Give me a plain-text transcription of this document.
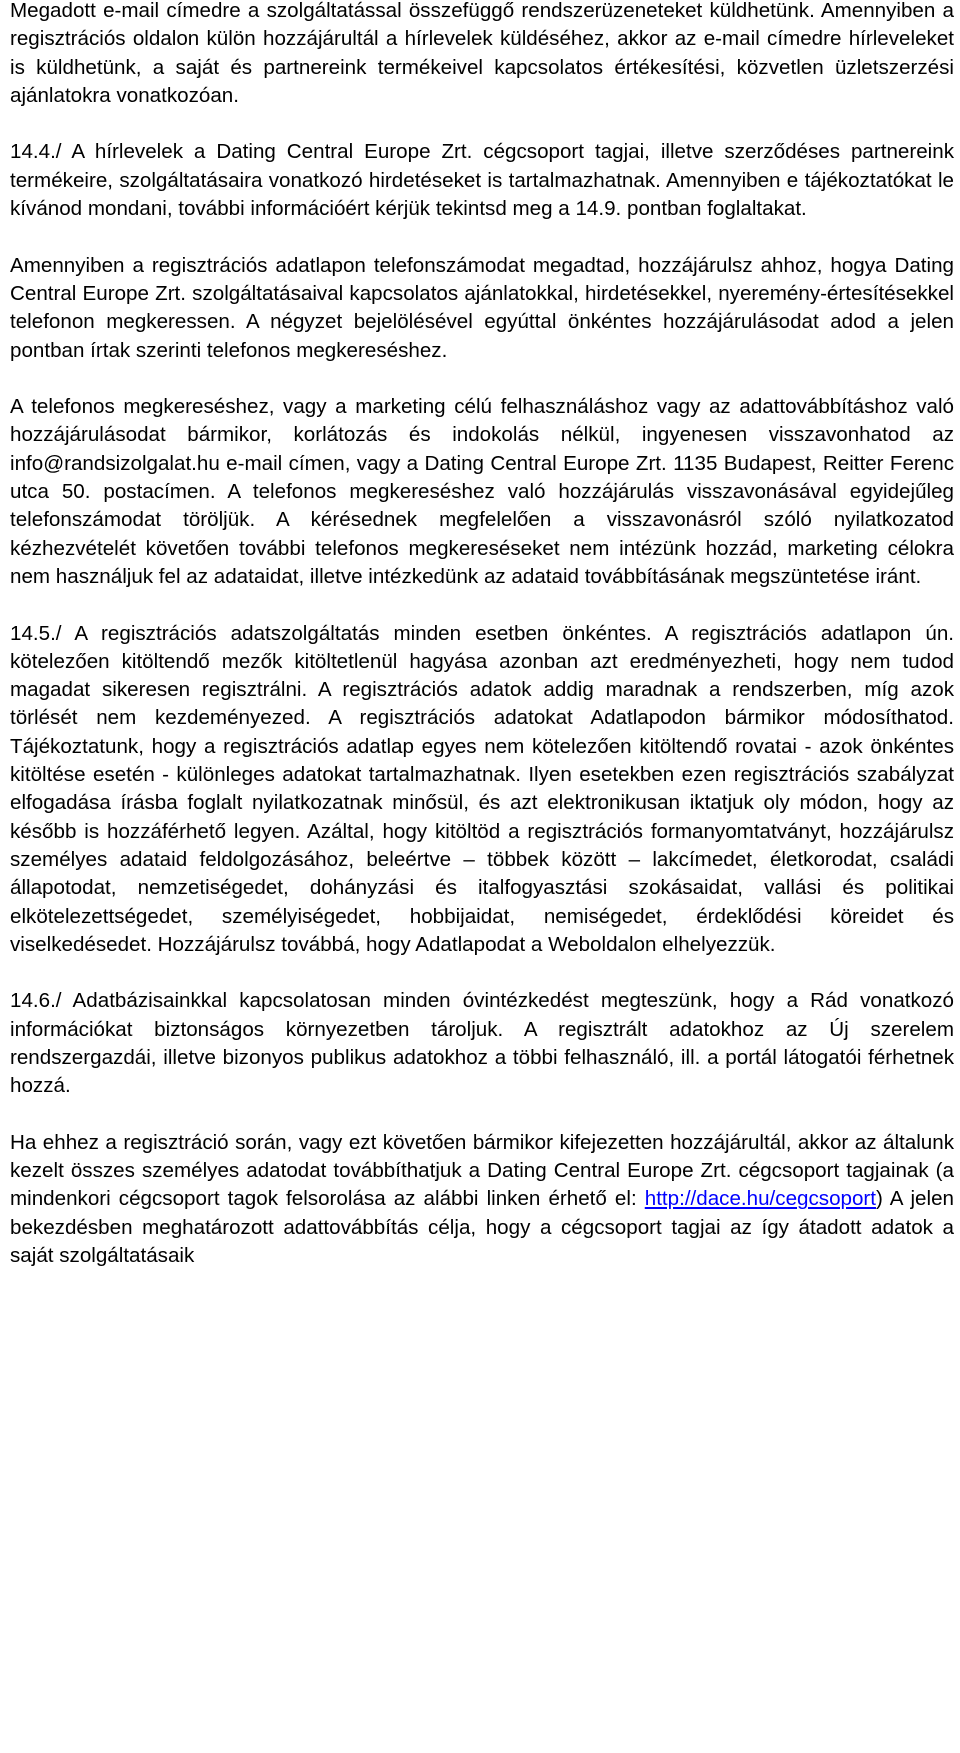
Megadott e-mail címedre a szolgáltatással összefüggő rendszerüzeneteket küldhetünk. Amennyiben a regisztrációs oldalon külön hozzájárultál a hírlevelek küldéséhez, akkor az e-mail címedre hírleveleket is küldhetünk, a saját és partnereink termékeivel kapcsolatos értékesítési, közvetlen üzletszerzési ajánlatokra vonatkozóan.

14.4./ A hírlevelek a Dating Central Europe Zrt. cégcsoport tagjai, illetve szerződéses partnereink termékeire, szolgáltatásaira vonatkozó hirdetéseket is tartalmazhatnak. Amennyiben e tájékoztatókat le kívánod mondani, további információért kérjük tekintsd meg a 14.9. pontban foglaltakat.

Amennyiben a regisztrációs adatlapon telefonszámodat megadtad, hozzájárulsz ahhoz, hogya Dating Central Europe Zrt. szolgáltatásaival kapcsolatos ajánlatokkal, hirdetésekkel, nyeremény-értesítésekkel telefonon megkeressen. A négyzet bejelölésével egyúttal önkéntes hozzájárulásodat adod a jelen pontban írtak szerinti telefonos megkereséshez.

A telefonos megkereséshez, vagy a marketing célú felhasználáshoz vagy az adattovábbításhoz való hozzájárulásodat bármikor, korlátozás és indokolás nélkül, ingyenesen visszavonhatod az info@randsizolgalat.hu e-mail címen, vagy a Dating Central Europe Zrt. 1135 Budapest, Reitter Ferenc utca 50. postacímen. A telefonos megkereséshez való hozzájárulás visszavonásával egyidejűleg telefonszámodat töröljük. A kérésednek megfelelően a visszavonásról szóló nyilatkozatod kézhezvételét követően további telefonos megkereséseket nem intézünk hozzád, marketing célokra nem használjuk fel az adataidat, illetve intézkedünk az adataid továbbításának megszüntetése iránt.

14.5./ A regisztrációs adatszolgáltatás minden esetben önkéntes. A regisztrációs adatlapon ún. kötelezően kitöltendő mezők kitöltetlenül hagyása azonban azt eredményezheti, hogy nem tudod magadat sikeresen regisztrálni. A regisztrációs adatok addig maradnak a rendszerben, míg azok törlését nem kezdeményezed. A regisztrációs adatokat Adatlapodon bármikor módosíthatod. Tájékoztatunk, hogy a regisztrációs adatlap egyes nem kötelezően kitöltendő rovatai - azok önkéntes kitöltése esetén - különleges adatokat tartalmazhatnak. Ilyen esetekben ezen regisztrációs szabályzat elfogadása írásba foglalt nyilatkozatnak minősül, és azt elektronikusan iktatjuk oly módon, hogy az később is hozzáférhető legyen. Azáltal, hogy kitöltöd a regisztrációs formanyomtatványt, hozzájárulsz személyes adataid feldolgozásához, beleértve – többek között – lakcímedet, életkorodat, családi állapotodat, nemzetiségedet, dohányzási és italfogyasztási szokásaidat, vallási és politikai elkötelezettségedet, személyiségedet, hobbijaidat, nemiségedet, érdeklődési köreidet és viselkedésedet. Hozzájárulsz továbbá, hogy Adatlapodat a Weboldalon elhelyezzük.

14.6./ Adatbázisainkkal kapcsolatosan minden óvintézkedést megteszünk, hogy a Rád vonatkozó információkat biztonságos környezetben tároljuk. A regisztrált adatokhoz az Új szerelem rendszergazdái, illetve bizonyos publikus adatokhoz a többi felhasználó, ill. a portál látogatói férhetnek hozzá.

Ha ehhez a regisztráció során, vagy ezt követően bármikor kifejezetten hozzájárultál, akkor az általunk kezelt összes személyes adatodat továbbíthatjuk a Dating Central Europe Zrt. cégcsoport tagjainak (a mindenkori cégcsoport tagok felsorolása az alábbi linken érhető el: http://dace.hu/cegcsoport) A jelen bekezdésben meghatározott adattovábbítás célja, hogy a cégcsoport tagjai az így átadott adatok a saját szolgáltatásaik
